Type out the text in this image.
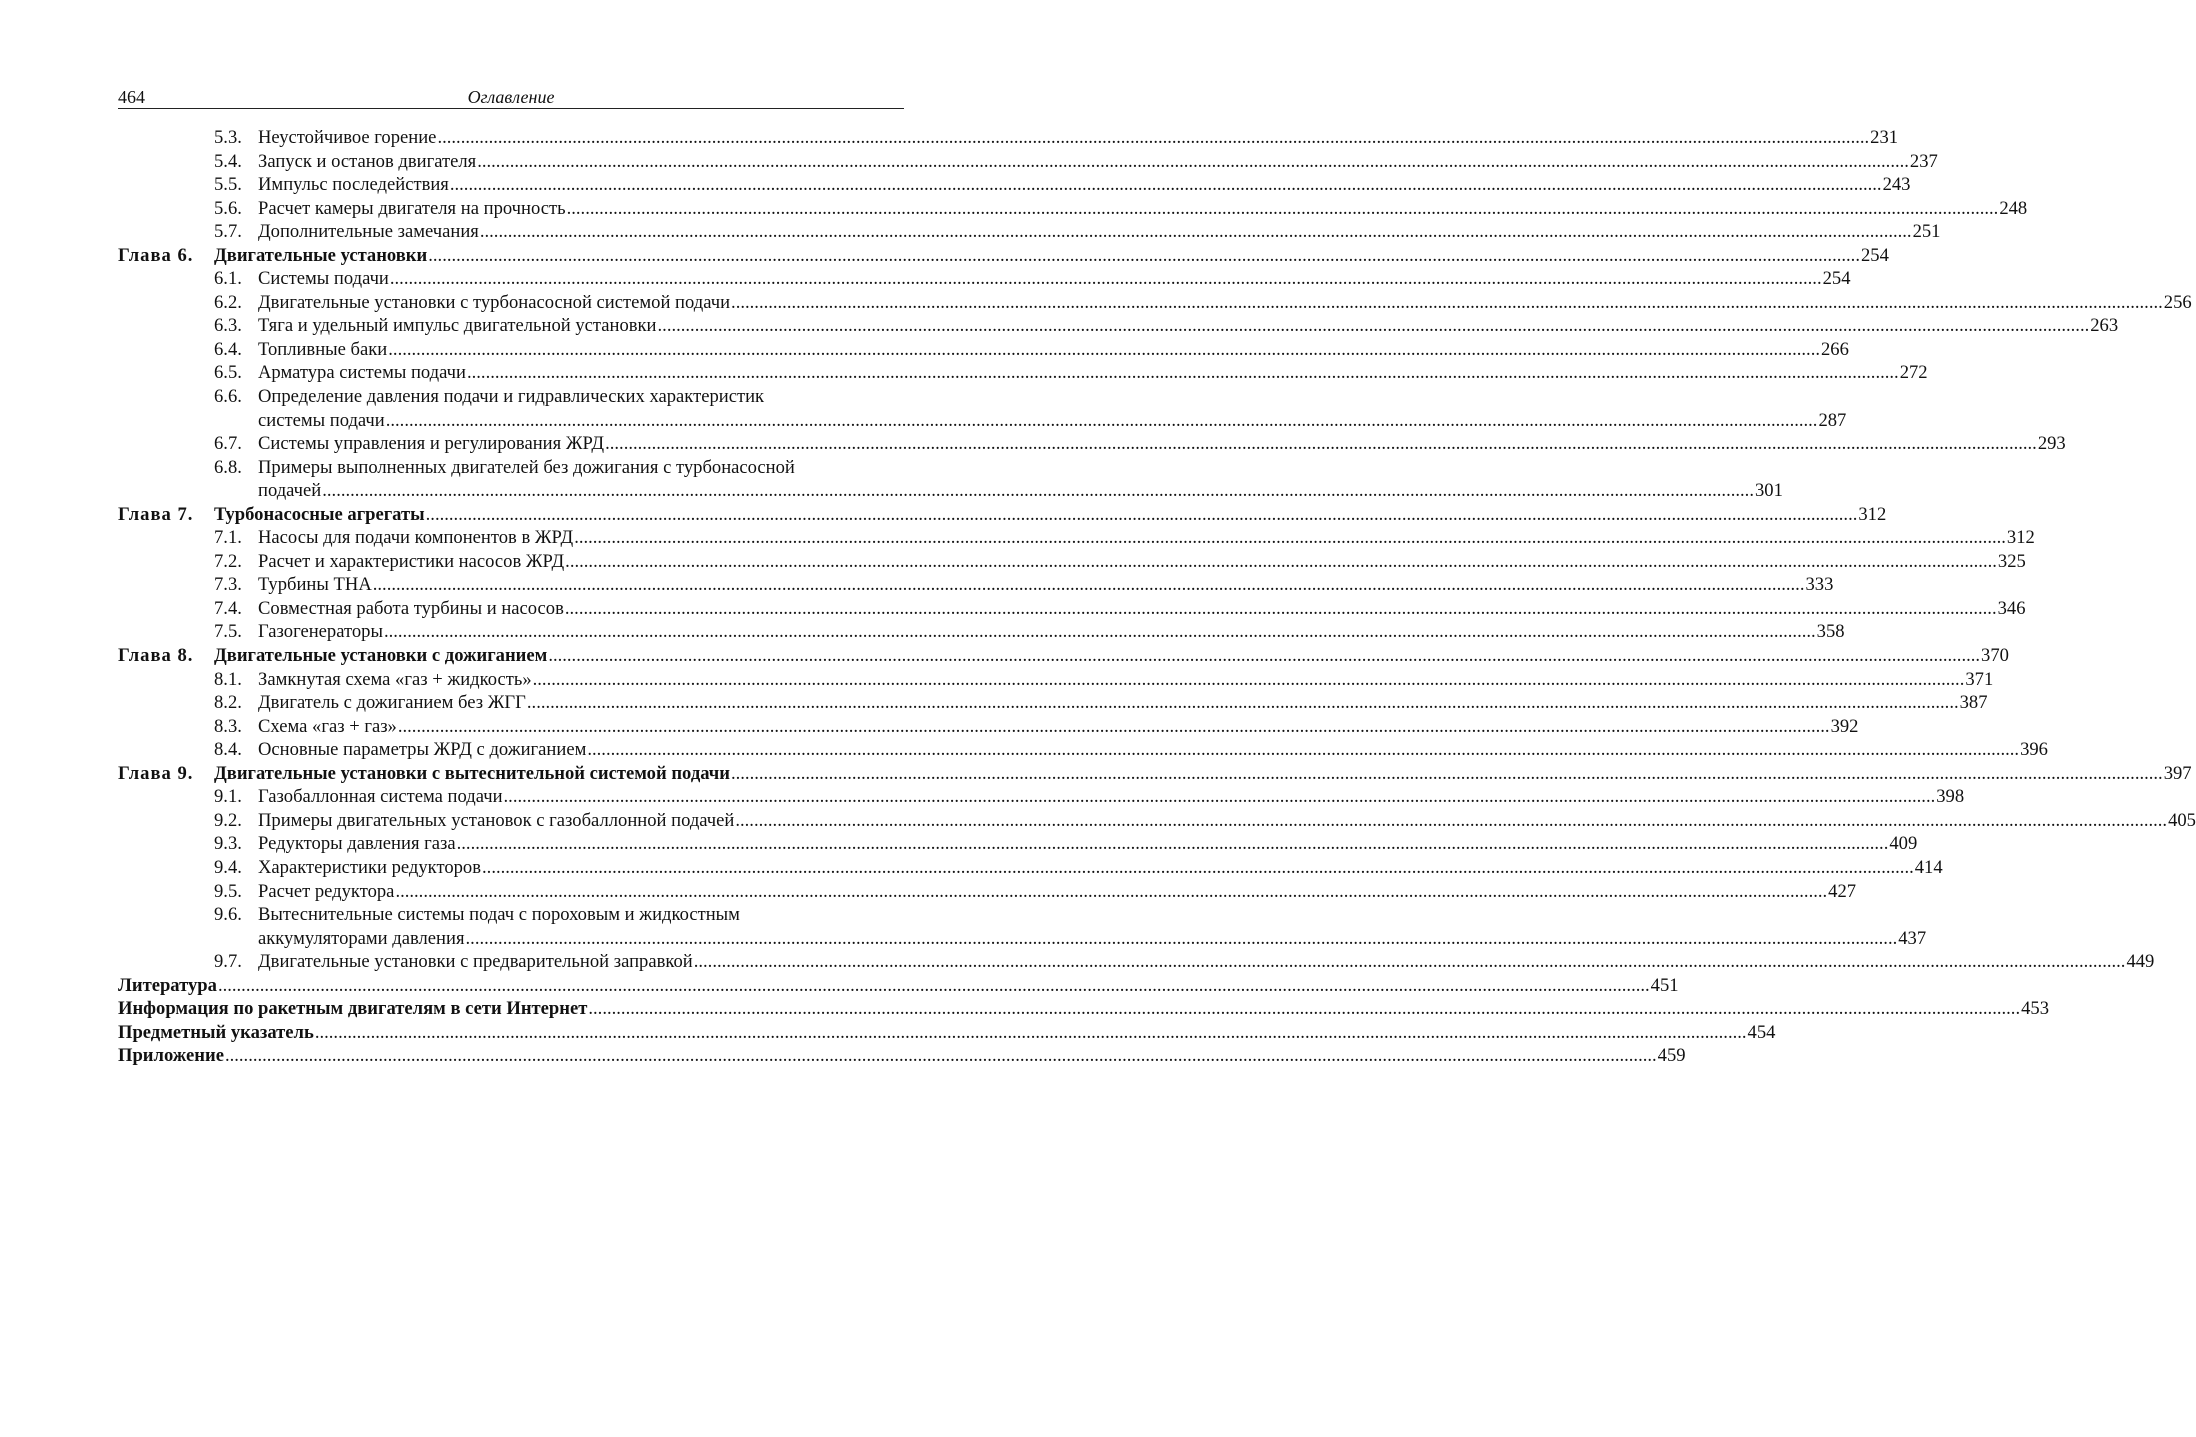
464	Оглавление
5.3. Неустойчивое горение .....	231
5.4. Запуск и останов двигателя .....	237
5.5. Импульс последействия .....	243
5.6. Расчет камеры двигателя на прочность .....	248
5.7. Дополнительные замечания .....	251
Глава 6.	Двигательные установки .....	254
6.1. Системы подачи .....	254
6.2. Двигательные установки с турбонасосной системой подачи .....	256
6.3. Тяга и удельный импульс двигательной установки .....	263
6.4. Топливные баки .....	266
6.5. Арматура системы подачи .....	272
6.6. Определение давления подачи и гидравлических характеристик
системы подачи .....	287
6.7. Системы управления и регулирования ЖРД .....	293
6.8. Примеры выполненных двигателей без дожигания с турбонасосной
подачей .....	301
Глава 7.	Турбонасосные агрегаты .....	312
7.1. Насосы для подачи компонентов в ЖРД .....	312
7.2. Расчет и характеристики насосов ЖРД .....	325
7.3. Турбины ТНА .....	333
7.4. Совместная работа турбины и насосов .....	346
7.5. Газогенераторы .....	358
Глава 8.	Двигательные установки с дожиганием .....	370
8.1. Замкнутая схема «газ + жидкость» .....	371
8.2. Двигатель с дожиганием без ЖГГ .....	387
8.3. Схема «газ + газ» .....	392
8.4. Основные параметры ЖРД с дожиганием .....	396
Глава 9.	Двигательные установки с вытеснительной системой подачи .....	397
9.1. Газобаллонная система подачи .....	398
9.2. Примеры двигательных установок с газобаллонной подачей .....	405
9.3. Редукторы давления газа .....	409
9.4. Характеристики редукторов .....	414
9.5. Расчет редуктора .....	427
9.6. Вытеснительные системы подач с пороховым и жидкостным
аккумуляторами давления .....	437
9.7. Двигательные установки с предварительной заправкой .....	449
Литература .....	451
Информация по ракетным двигателям в сети Интернет .....	453
Предметный указатель .....	454
Приложение .....	459
